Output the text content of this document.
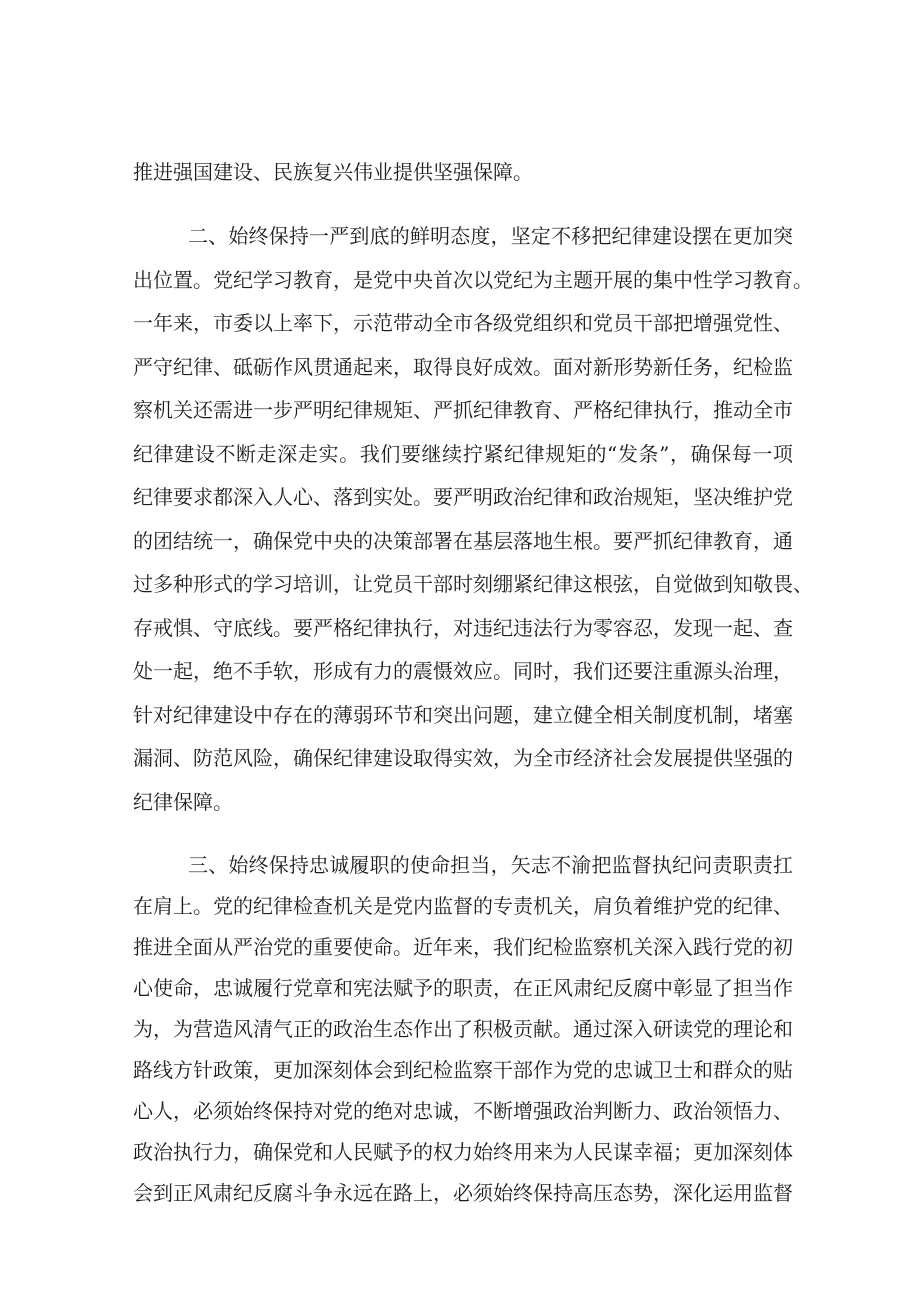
推进强国建设、民族复兴伟业提供坚强保障。
二、始终保持一严到底的鲜明态度，坚定不移把纪律建设摆在更加突
出位置。党纪学习教育，是党中央首次以党纪为主题开展的集中性学习教育。
一年来，市委以上率下，示范带动全市各级党组织和党员干部把增强党性、
严守纪律、砥砺作风贯通起来，取得良好成效。面对新形势新任务，纪检监
察机关还需进一步严明纪律规矩、严抓纪律教育、严格纪律执行，推动全市
纪律建设不断走深走实。我们要继续拧紧纪律规矩的“发条”，确保每一项
纪律要求都深入人心、落到实处。要严明政治纪律和政治规矩，坚决维护党
的团结统一，确保党中央的决策部署在基层落地生根。要严抓纪律教育，通
过多种形式的学习培训，让党员干部时刻绷紧纪律这根弦，自觉做到知敬畏、
存戒惧、守底线。要严格纪律执行，对违纪违法行为零容忍，发现一起、查
处一起，绝不手软，形成有力的震慑效应。同时，我们还要注重源头治理，
针对纪律建设中存在的薄弱环节和突出问题，建立健全相关制度机制，堵塞
漏洞、防范风险，确保纪律建设取得实效，为全市经济社会发展提供坚强的
纪律保障。
三、始终保持忠诚履职的使命担当，矢志不渝把监督执纪问责职责扛
在肩上。党的纪律检查机关是党内监督的专责机关，肩负着维护党的纪律、
推进全面从严治党的重要使命。近年来，我们纪检监察机关深入践行党的初
心使命，忠诚履行党章和宪法赋予的职责，在正风肃纪反腐中彰显了担当作
为，为营造风清气正的政治生态作出了积极贡献。通过深入研读党的理论和
路线方针政策，更加深刻体会到纪检监察干部作为党的忠诚卫士和群众的贴
心人，必须始终保持对党的绝对忠诚，不断增强政治判断力、政治领悟力、
政治执行力，确保党和人民赋予的权力始终用来为人民谋幸福；更加深刻体
会到正风肃纪反腐斗争永远在路上，必须始终保持高压态势，深化运用监督
